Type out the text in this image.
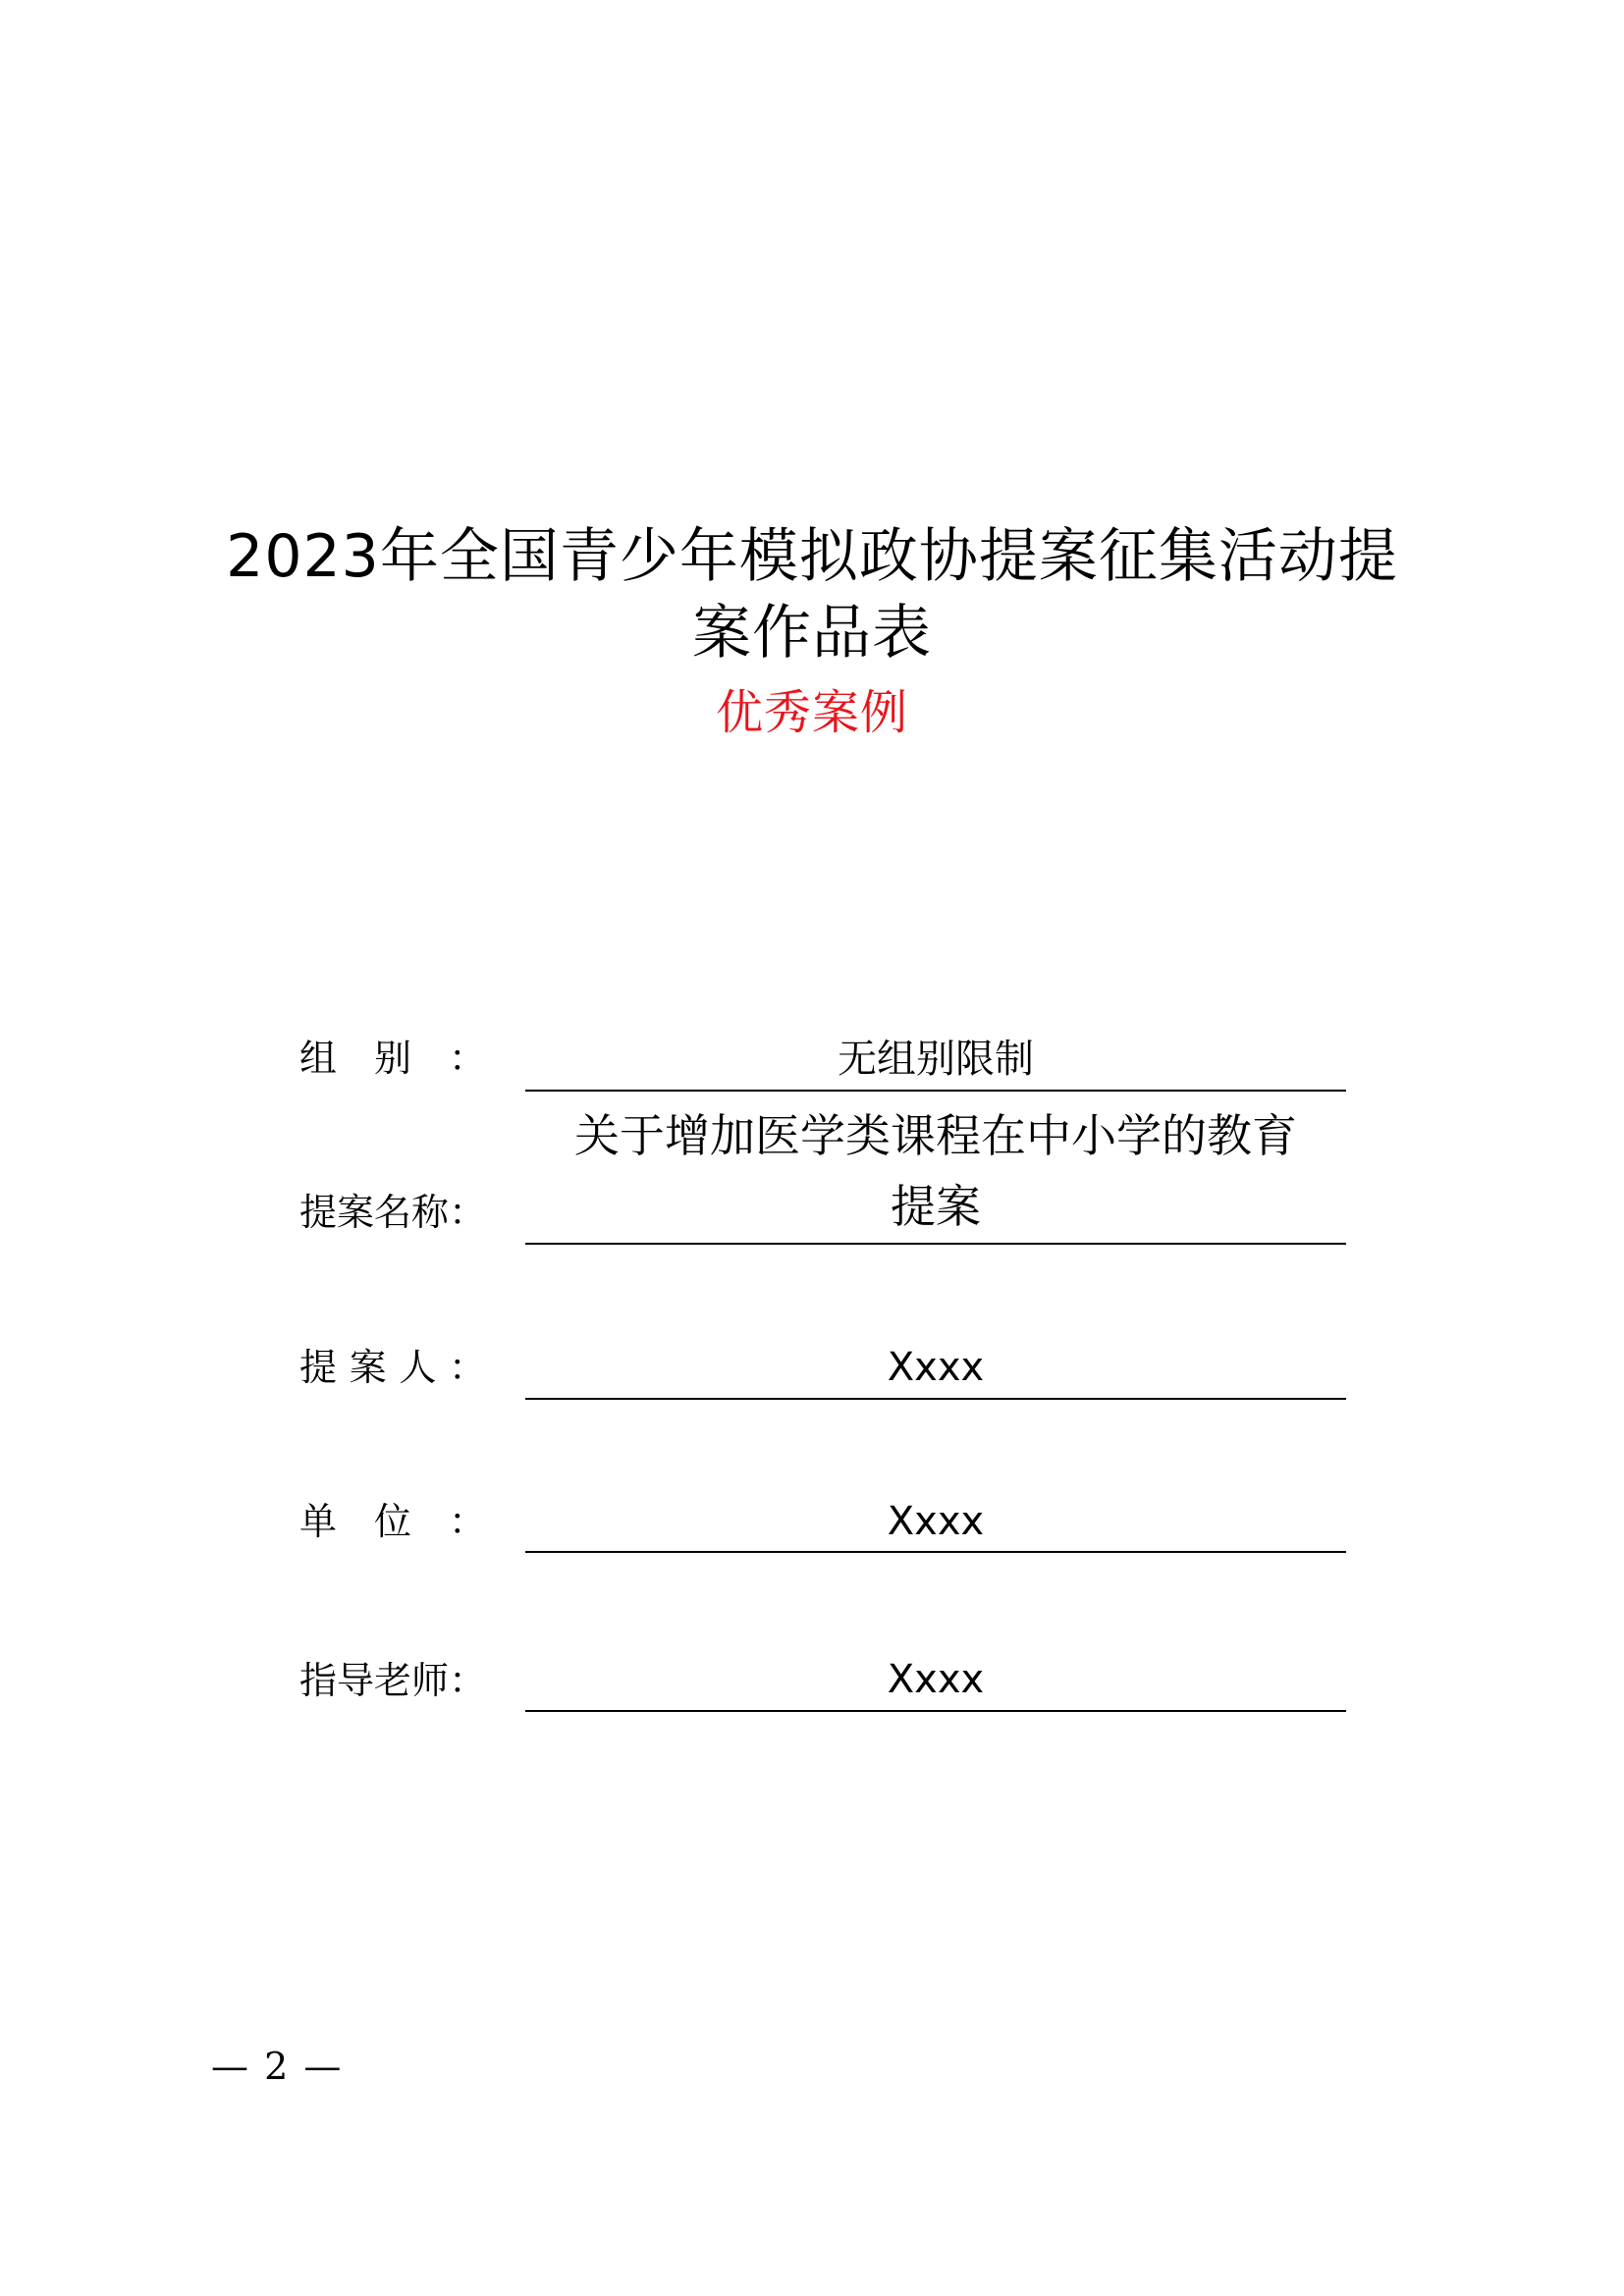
2023年全国青少年模拟政协提案征集活动提
案作品表
优秀案例
组 别 ：	无组别限制
提 案 名 称 ：
关于增加医学类课程在中小学的教育
提案
提 案 人 ：	Xxxx
单 位 ：	Xxxx
指 导 老 师 ：	Xxxx
— 2 —
